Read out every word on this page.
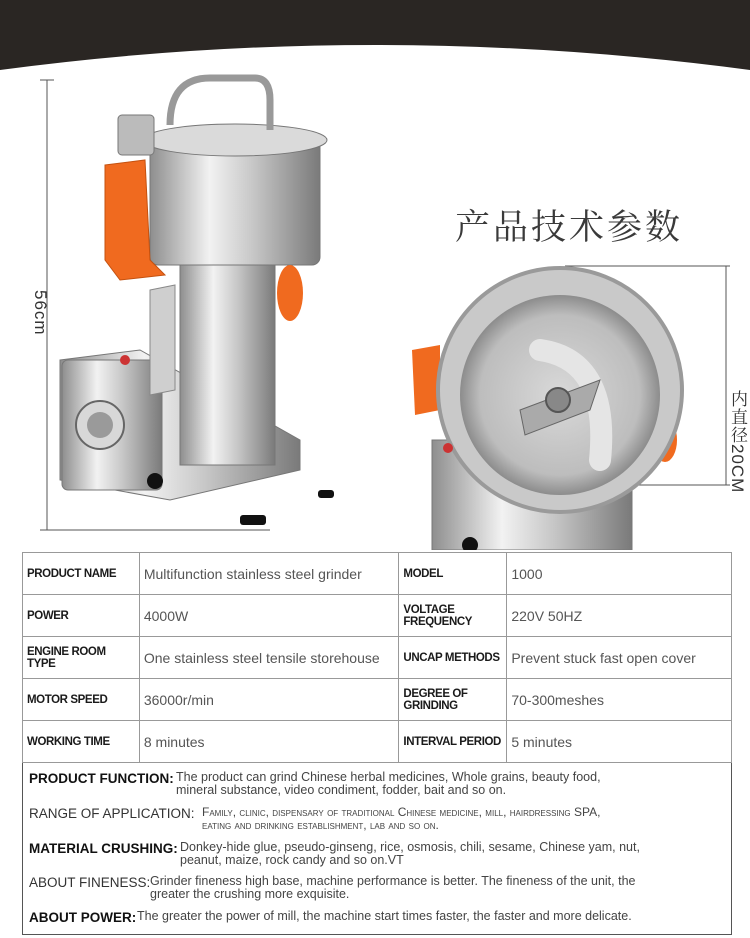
56cm
内直径20CM
产品技术参数
PRODUCT NAME	Multifunction stainless steel grinder	MODEL	1000
POWER	4000W	VOLTAGE FREQUENCY	220V 50HZ
ENGINE ROOM TYPE	One stainless steel tensile storehouse	UNCAP METHODS	Prevent stuck fast open cover
MOTOR SPEED	36000r/min	DEGREE OF GRINDING	70-300meshes
WORKING TIME	8 minutes	INTERVAL PERIOD	5 minutes
PRODUCT FUNCTION: The product can grind Chinese herbal medicines, Whole grains, beauty food, mineral substance, video condiment, fodder, bait and so on.
RANGE OF APPLICATION: Family, clinic, dispensary of traditional Chinese medicine, mill, hairdressing SPA, eating and drinking establishment, lab and so on.
MATERIAL CRUSHING: Donkey-hide glue, pseudo-ginseng, rice, osmosis, chili, sesame, Chinese yam, nut, peanut, maize, rock candy and so on.VT
ABOUT FINENESS: Grinder fineness high base, machine performance is better. The fineness of the unit, the greater the crushing more exquisite.
ABOUT POWER: The greater the power of mill, the machine start times faster, the faster and more delicate.
